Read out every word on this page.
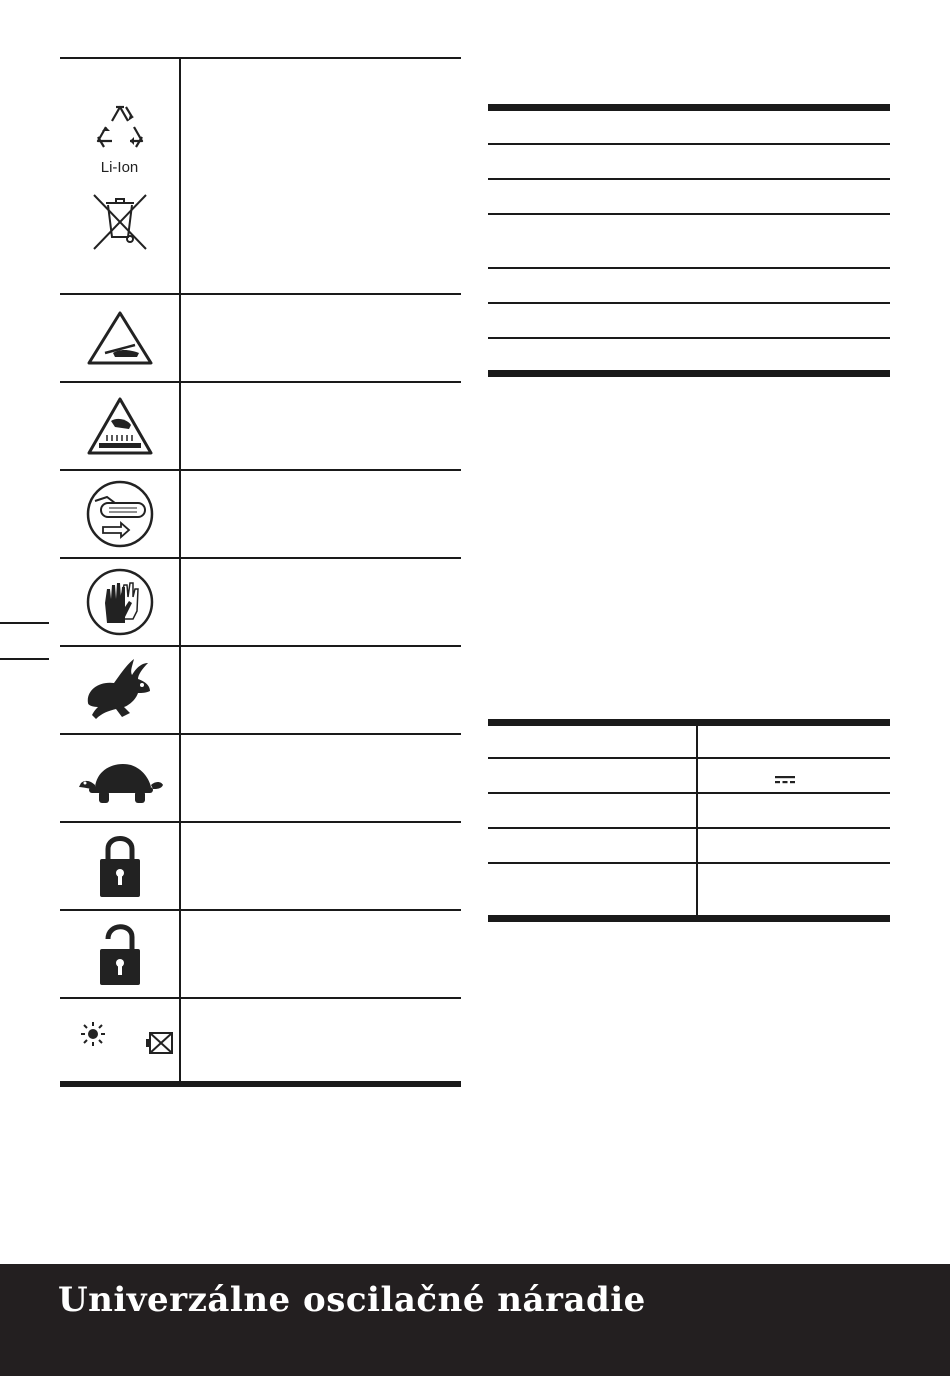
Li-Ion
Univerzálne oscilačné náradie
